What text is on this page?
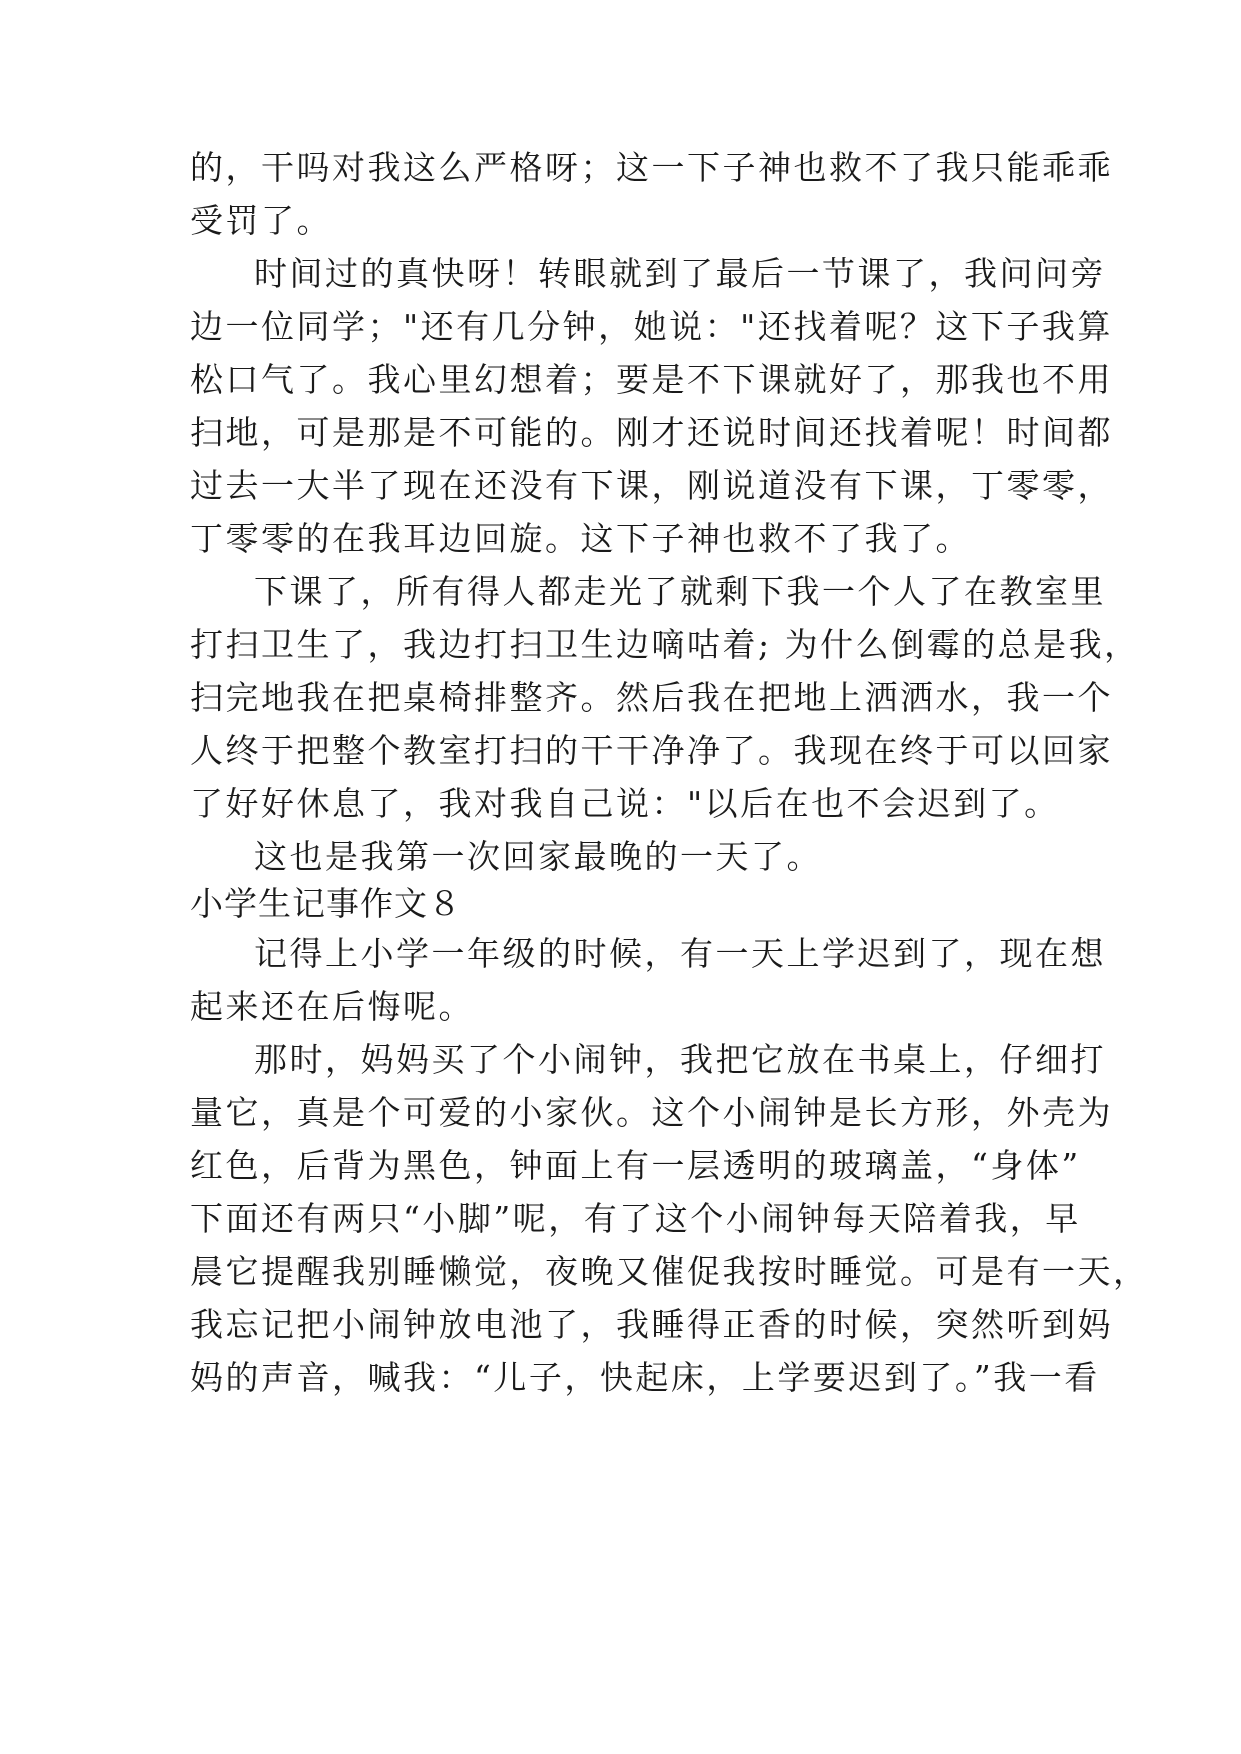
的，干吗对我这么严格呀；这一下子神也救不了我只能乖乖

受罚了。

时间过的真快呀！转眼就到了最后一节课了，我问问旁

边一位同学；"还有几分钟，她说："还找着呢？这下子我算

松口气了。我心里幻想着；要是不下课就好了，那我也不用

扫地，可是那是不可能的。刚才还说时间还找着呢！时间都

过去一大半了现在还没有下课，刚说道没有下课，丁零零，

丁零零的在我耳边回旋。这下子神也救不了我了。

下课了，所有得人都走光了就剩下我一个人了在教室里

打扫卫生了，我边打扫卫生边嘀咕着; 为什么倒霉的总是我，

扫完地我在把桌椅排整齐。然后我在把地上洒洒水，我一个

人终于把整个教室打扫的干干净净了。我现在终于可以回家

了好好休息了，我对我自己说："以后在也不会迟到了。

这也是我第一次回家最晚的一天了。

小学生记事作文８

记得上小学一年级的时候，有一天上学迟到了，现在想

起来还在后悔呢。

那时，妈妈买了个小闹钟，我把它放在书桌上，仔细打

量它，真是个可爱的小家伙。这个小闹钟是长方形，外壳为

红色，后背为黑色，钟面上有一层透明的玻璃盖，“身体”

下面还有两只“小脚”呢，有了这个小闹钟每天陪着我，早

晨它提醒我别睡懒觉，夜晚又催促我按时睡觉。可是有一天，

我忘记把小闹钟放电池了，我睡得正香的时候，突然听到妈

妈的声音，喊我：“儿子，快起床，上学要迟到了。”我一看
